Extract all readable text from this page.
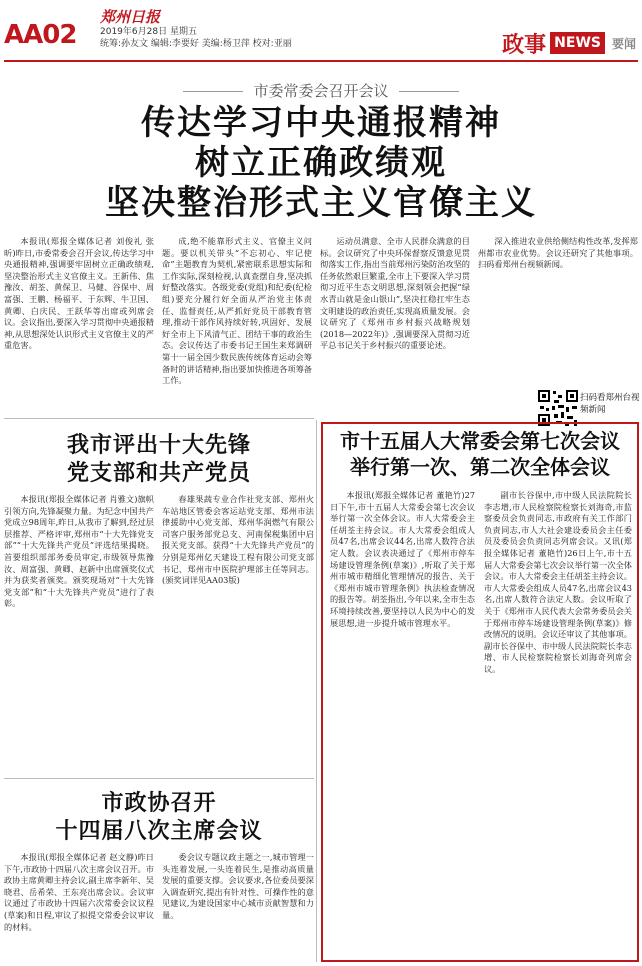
AA02
郑州日报
2019年6月28日 星期五
统筹:孙友文 编辑:李要好 美编:杨卫萍 校对:亚丽	政事 NEWS 要闻
市委常委会召开会议
传达学习中央通报精神
树立正确政绩观
坚决整治形式主义官僚主义

本报讯(郑报全媒体记者 刘俊礼 张昕)昨日,市委常委会召开会议,传达学习中央通报精神,强调要牢固树立正确政绩观,坚决整治形式主义官僚主义。王新伟、焦豫汝、胡荃、黄保卫、马健、谷保中、周富强、王鹏、杨福平、于东辉、牛卫国、黄卿、白庆民、王跃华等出席或列席会议。会议指出,要深入学习贯彻中央通报精神,从思想深处认识形式主义官僚主义的严重危害。

成,绝不能靠形式主义、官僚主义问题。要以机关带头“不忘初心、牢记使命”主题教育为契机,紧密联系思想实际和工作实际,深刻检视,认真查摆自身,坚决抓好整改落实。各级党委(党组)和纪委(纪检组)要充分履行好全面从严治党主体责任、监督责任,从严抓好党员干部教育管理,推动干部作风持续好转,巩固好、发展好全市上下风清气正、团结干事的政治生态。会议传达了市委书记王国生来郑调研第十一届全国少数民族传统体育运动会筹备时的讲话精神,指出要加快推进各项筹备工作。

运动员满意、全市人民群众满意的目标。会议研究了中央环保督察反馈意见贯彻落实工作,指出当前郑州污染防治攻坚的任务依然艰巨繁重,全市上下要深入学习贯彻习近平生态文明思想,深刻领会把握“绿水青山就是金山银山”,坚决扛稳扛牢生态文明建设的政治责任,实现高质量发展。会议研究了《郑州市乡村振兴战略规划(2018—2022年)》,强调要深入贯彻习近平总书记关于乡村振兴的重要论述。

深入推进农业供给侧结构性改革,发挥郑州都市农业优势。会议还研究了其他事项。扫码看郑州台视频新闻。

扫码看郑州台视频新闻
我市评出十大先锋
党支部和共产党员

本报讯(郑报全媒体记者 肖雅文)旗帜引领方向,先锋凝聚力量。为纪念中国共产党成立98周年,昨日,从我市了解到,经过层层推荐、严格评审,郑州市“十大先锋党支部”“十大先锋共产党员”评选结果揭晓。首要组织部部务委员审定,市级领导焦豫汝、周富强、黄卿、赵新中出席颁奖仪式并为获奖者颁奖。颁奖现场对“十大先锋党支部”和“十大先锋共产党员”进行了表彰。

春雄果蔬专业合作社党支部、郑州火车站地区管委会客运站党支部、郑州市法律援助中心党支部、郑州华润燃气有限公司客户服务部党总支、河南保税集团中启报关党支部。获得“十大先锋共产党员”的分别是郑州亿天建设工程有限公司党支部书记、郑州市中医院护理部主任等同志。(颁奖词详见AA03版)

市政协召开
十四届八次主席会议

本报讯(郑报全媒体记者 赵文静)昨日下午,市政协十四届八次主席会议召开。市政协主席黄卿主持会议,副主席李新年、吴晓君、岳希荣、王东亮出席会议。会议审议通过了市政协十四届六次常委会议议程(草案)和日程,审议了拟提交常委会议审议的材料。

委会议专题议政主题之一,城市管理一头连着发展,一头连着民生,是推动高质量发展的重要支撑。会议要求,各位委员要深入调查研究,提出有针对性、可操作性的意见建议,为建设国家中心城市贡献智慧和力量。

市十五届人大常委会第七次会议
举行第一次、第二次全体会议

本报讯(郑报全媒体记者 董艳竹)27日下午,市十五届人大常委会第七次会议举行第一次全体会议。市人大常委会主任胡荃主持会议。市人大常委会组成人员47名,出席会议44名,出席人数符合法定人数。会议表决通过了《郑州市停车场建设管理条例(草案)》,听取了关于郑州市城市精细化管理情况的报告、关于《郑州市城市管理条例》执法检查情况的报告等。胡荃指出,今年以来,全市生态环境持续改善,要坚持以人民为中心的发展思想,进一步提升城市管理水平。

副市长谷保中,市中级人民法院院长李志增,市人民检察院检察长刘海奇,市监察委员会负责同志,市政府有关工作部门负责同志,市人大社会建设委员会主任委员及委员会负责同志列席会议。又讯(郑报全媒体记者 董艳竹)26日上午,市十五届人大常委会第七次会议举行第一次全体会议。市人大常委会主任胡荃主持会议。市人大常委会组成人员47名,出席会议43名,出席人数符合法定人数。会议听取了关于《郑州市人民代表大会常务委员会关于郑州市停车场建设管理条例(草案)》修改情况的说明。会议还审议了其他事项。副市长谷保中、市中级人民法院院长李志增、市人民检察院检察长刘海奇列席会议。
